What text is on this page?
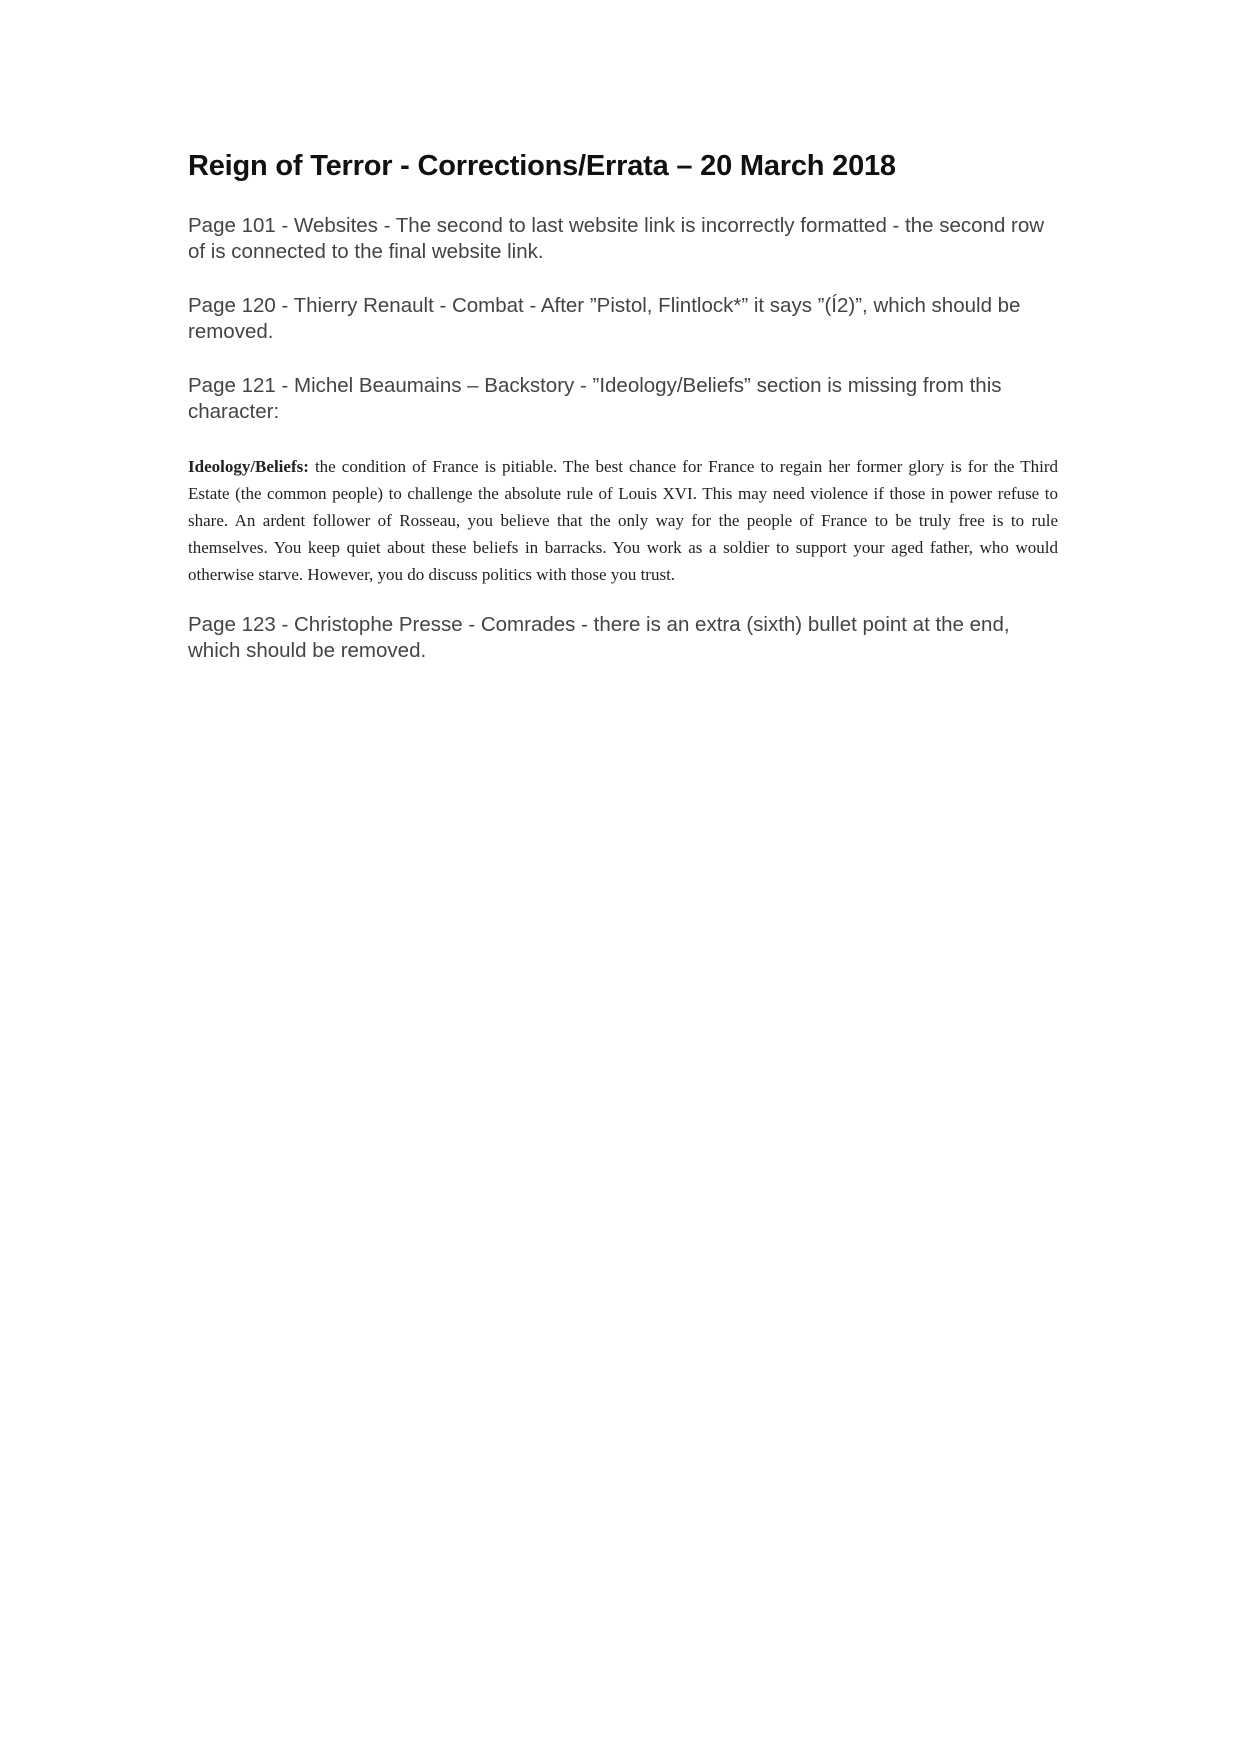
Reign of Terror - Corrections/Errata – 20 March 2018

Page 101 - Websites - The second to last website link is incorrectly formatted - the second row of is connected to the final website link.

Page 120 - Thierry Renault - Combat - After ”Pistol, Flintlock*” it says ”(Í2)”, which should be removed.

Page 121 - Michel Beaumains – Backstory - ”Ideology/Beliefs” section is missing from this character:

Ideology/Beliefs: the condition of France is pitiable. The best chance for France to regain her former glory is for the Third Estate (the common people) to challenge the absolute rule of Louis XVI. This may need violence if those in power refuse to share. An ardent follower of Rosseau, you believe that the only way for the people of France to be truly free is to rule themselves. You keep quiet about these beliefs in barracks. You work as a soldier to support your aged father, who would otherwise starve. However, you do discuss politics with those you trust.

Page 123 - Christophe Presse - Comrades - there is an extra (sixth) bullet point at the end, which should be removed.
